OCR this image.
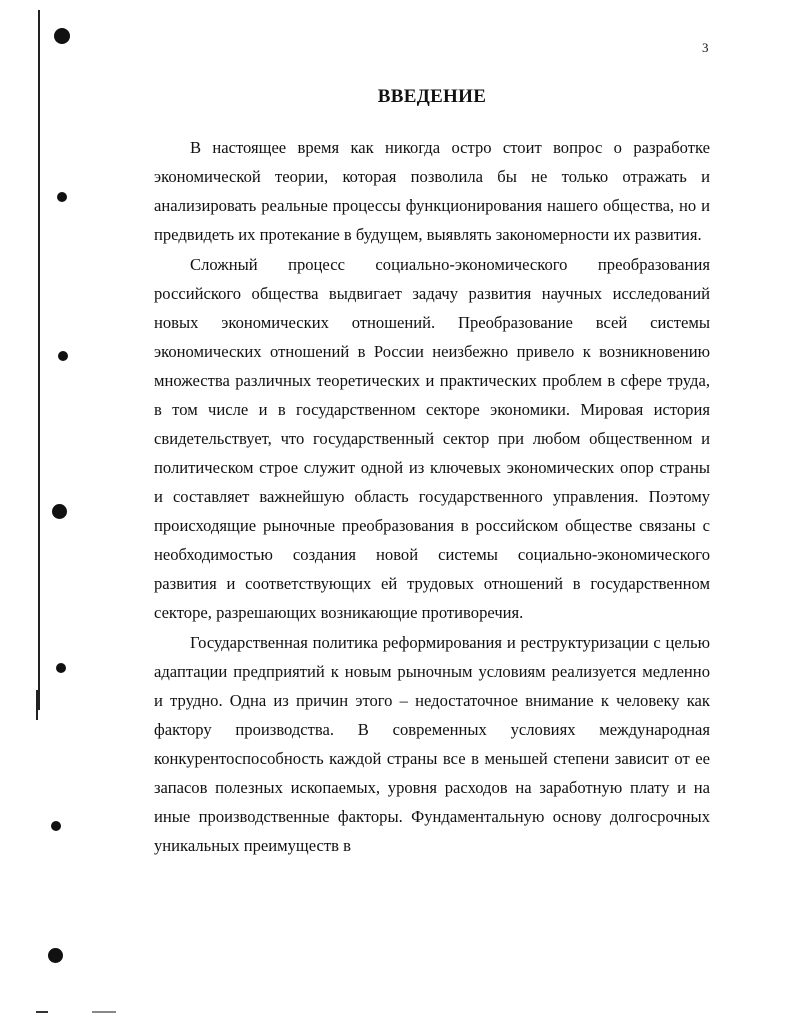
3
ВВЕДЕНИЕ

В настоящее время как никогда остро стоит вопрос о разработке экономической теории, которая позволила бы не только отражать и анализировать реальные процессы функционирования нашего общества, но и предвидеть их протекание в будущем, выявлять закономерности их развития.

Сложный процесс социально-экономического преобразования российского общества выдвигает задачу развития научных исследований новых экономических отношений. Преобразование всей системы экономических отношений в России неизбежно привело к возникновению множества различных теоретических и практических проблем в сфере труда, в том числе и в государственном секторе экономики. Мировая история свидетельствует, что государственный сектор при любом общественном и политическом строе служит одной из ключевых экономических опор страны и составляет важнейшую область государственного управления. Поэтому происходящие рыночные преобразования в российском обществе связаны с необходимостью создания новой системы социально-экономического развития и соответствующих ей трудовых отношений в государственном секторе, разрешающих возникающие противоречия.

Государственная политика реформирования и реструктуризации с целью адаптации предприятий к новым рыночным условиям реализуется медленно и трудно. Одна из причин этого – недостаточное внимание к человеку как фактору производства. В современных условиях международная конкурентоспособность каждой страны все в меньшей степени зависит от ее запасов полезных ископаемых, уровня расходов на заработную плату и на иные производственные факторы. Фундаментальную основу долгосрочных уникальных преимуществ в
